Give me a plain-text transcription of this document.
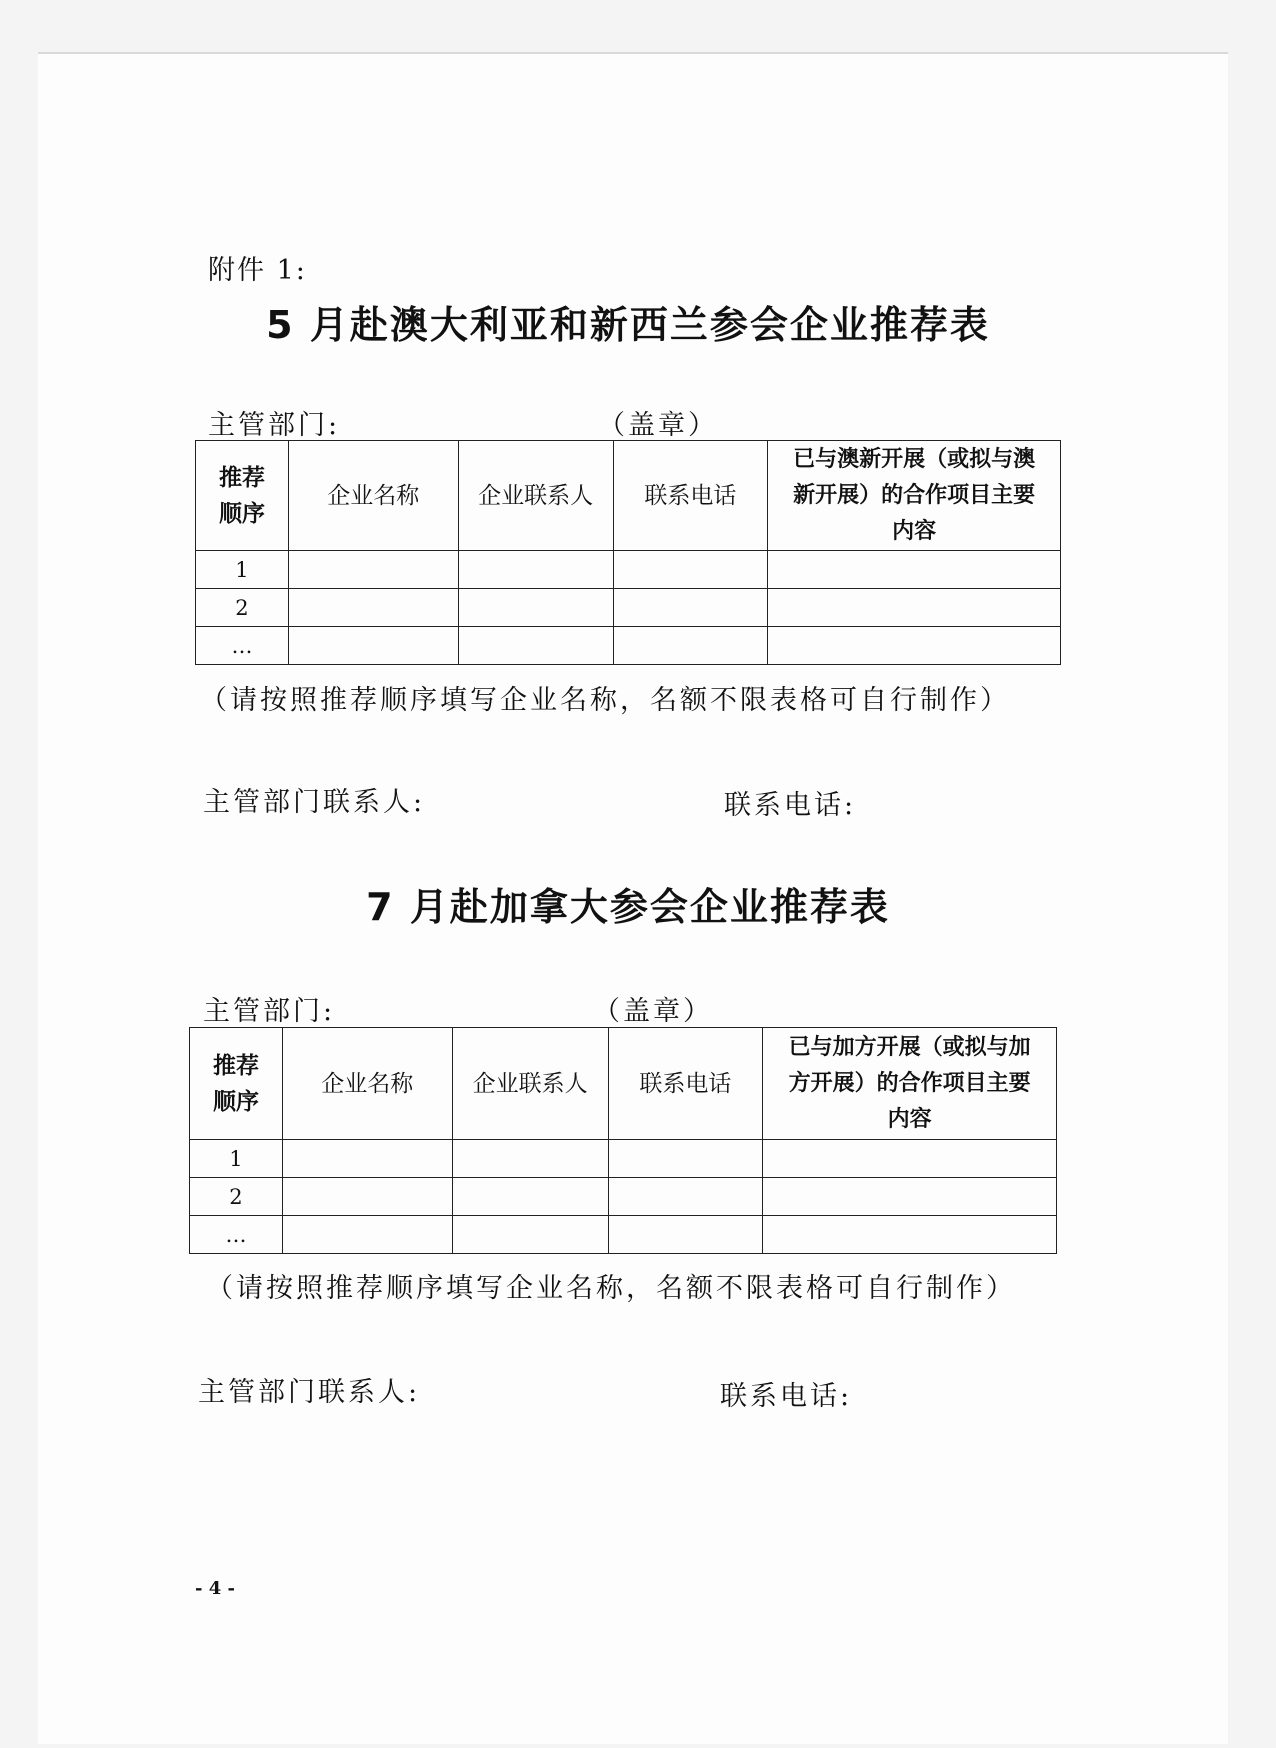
附件 1:
5 月赴澳大利亚和新西兰参会企业推荐表
主管部门:	（盖章）
推荐
顺序	企业名称	企业联系人	联系电话	已与澳新开展（或拟与澳
新开展）的合作项目主要
内容
1				
2				
…				
（请按照推荐顺序填写企业名称，名额不限表格可自行制作）
主管部门联系人:	联系电话:
7 月赴加拿大参会企业推荐表
主管部门:	（盖章）
推荐
顺序	企业名称	企业联系人	联系电话	已与加方开展（或拟与加
方开展）的合作项目主要
内容
1				
2				
…				
（请按照推荐顺序填写企业名称，名额不限表格可自行制作）
主管部门联系人:	联系电话:
- 4 -
